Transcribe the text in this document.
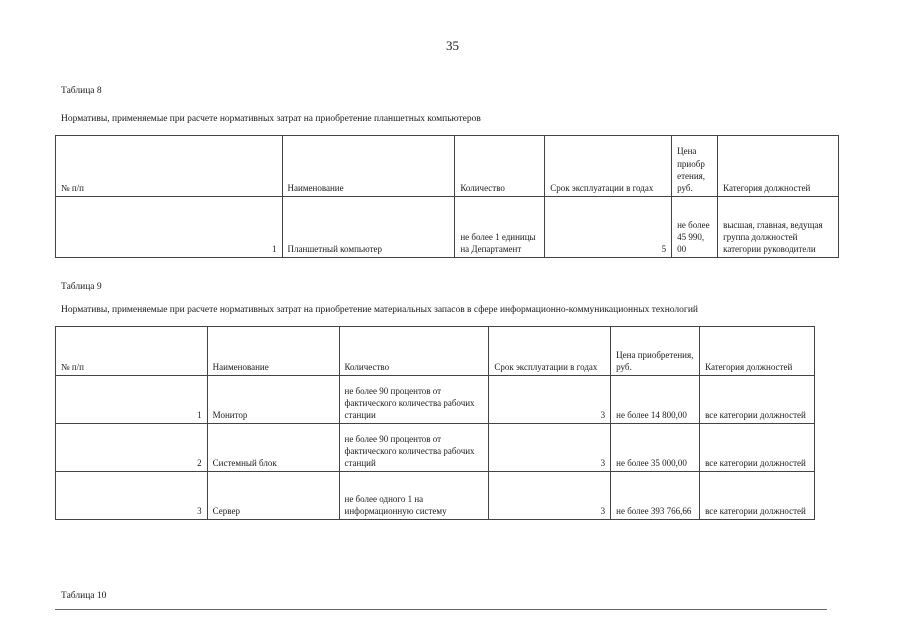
35
Таблица 8
Нормативы, применяемые при расчете нормативных затрат на приобретение планшетных компьютеров
№ п/п	Наименование	Количество	Срок эксплуатации в годах	Цена приобр етения, руб.	Категория должностей
1	Планшетный компьютер	не более 1 единицы на Департамент	5	не более 45 990, 00	высшая, главная, ведущая группа должностей категории руководители
Таблица 9
Нормативы, применяемые при расчете нормативных затрат на приобретение материальных запасов в сфере информационно-коммуникационных технологий
№ п/п	Наименование	Количество	Срок эксплуатации в годах	Цена приобретения, руб.	Категория должностей
1	Монитор	не более 90 процентов от фактического количества рабочих станции	3	не более 14 800,00	все категории должностей
2	Системный блок	не более 90 процентов от фактического количества рабочих станций	3	не более 35 000,00	все категории должностей
3	Сервер	не более одного 1 на информационную систему	3	не более 393 766,66	все категории должностей
Таблица 10
